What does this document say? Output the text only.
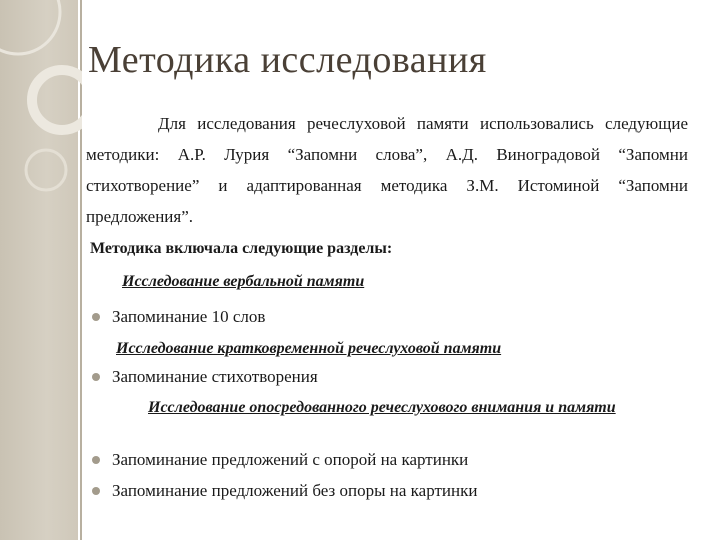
Методика исследования

Для исследования речеслуховой памяти использовались следующие методики: А.Р. Лурия “Запомни слова”, А.Д. Виноградовой “Запомни стихотворение” и адаптированная методика З.М. Истоминой “Запомни предложения”.

Методика включала следующие разделы:
Исследование вербальной памяти
Запоминание 10 слов
Исследование кратковременной речеслуховой памяти
Запоминание стихотворения

Исследование опосредованного речеслухового внимания и памяти

Запоминание предложений с опорой на картинки
Запоминание предложений без опоры на картинки
